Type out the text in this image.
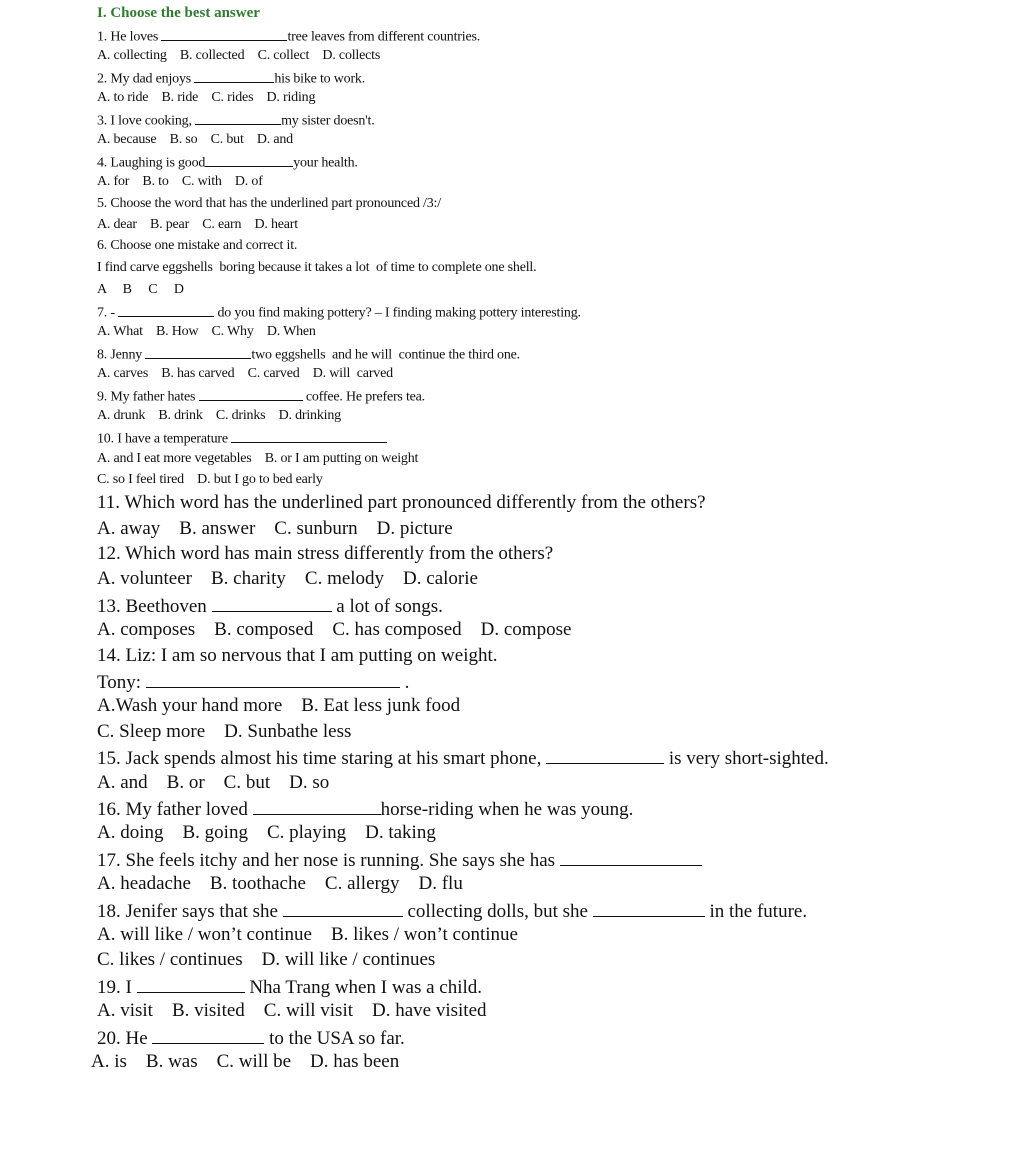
I. Choose the best answer
1. He loves	tree leaves from different countries.
A. collecting    B. collected    C. collect    D. collects
2. My dad enjoys	his bike to work.
A. to ride    B. ride    C. rides    D. riding
3. I love cooking,	my sister doesn't.
A. because    B. so    C. but    D. and
4. Laughing is good	your health.
A. for    B. to    C. with    D. of
5. Choose the word that has the underlined part pronounced /3:/
A. dear    B. pear    C. earn    D. heart
6. Choose one mistake and correct it.
I find carve eggshells  boring because it takes a lot  of time to complete one shell.
A     B     C     D
7. -	do you find making pottery? – I finding making pottery interesting.
A. What    B. How    C. Why    D. When
8. Jenny	two eggshells  and he will  continue the third one.
A. carves    B. has carved    C. carved    D. will  carved
9. My father hates	coffee. He prefers tea.
A. drunk    B. drink    C. drinks    D. drinking
10. I have a temperature
A. and I eat more vegetables    B. or I am putting on weight
C. so I feel tired    D. but I go to bed early
11. Which word has the underlined part pronounced differently from the others?
A. away    B. answer    C. sunburn    D. picture
12. Which word has main stress differently from the others?
A. volunteer    B. charity    C. melody    D. calorie
13. Beethoven	a lot of songs.
A. composes    B. composed    C. has composed    D. compose
14. Liz: I am so nervous that I am putting on weight.
Tony:	.
A.Wash your hand more    B. Eat less junk food
C. Sleep more    D. Sunbathe less
15. Jack spends almost his time staring at his smart phone,	is very short-sighted.
A. and    B. or    C. but    D. so
16. My father loved	horse-riding when he was young.
A. doing    B. going    C. playing    D. taking
17. She feels itchy and her nose is running. She says she has
A. headache    B. toothache    C. allergy    D. flu
18. Jenifer says that she	collecting dolls, but she	in the future.
A. will like / won’t continue    B. likes / won’t continue
C. likes / continues    D. will like / continues
19. I	Nha Trang when I was a child.
A. visit    B. visited    C. will visit    D. have visited
20. He	to the USA so far.
A. is    B. was    C. will be    D. has been
